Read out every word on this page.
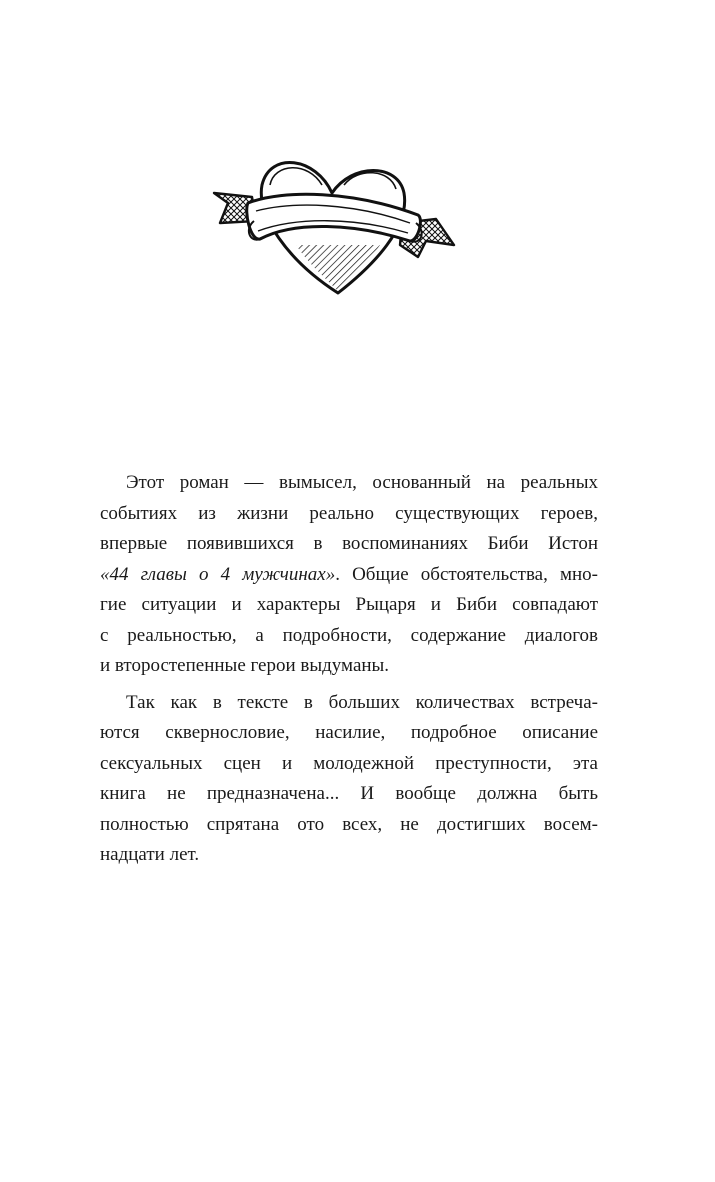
Этот роман — вымысел, основанный на реальных
событиях из жизни реально существующих героев,
впервые появившихся в воспоминаниях Биби Истон
«44 главы о 4 мужчинах». Общие обстоятельства, мно-
гие ситуации и характеры Рыцаря и Биби совпадают
с реальностью, а подробности, содержание диалогов
и второстепенные герои выдуманы.
Так как в тексте в больших количествах встреча-
ются сквернословие, насилие, подробное описание
сексуальных сцен и молодежной преступности, эта
книга не предназначена... И вообще должна быть
полностью спрятана ото всех, не достигших восем-
надцати лет.
